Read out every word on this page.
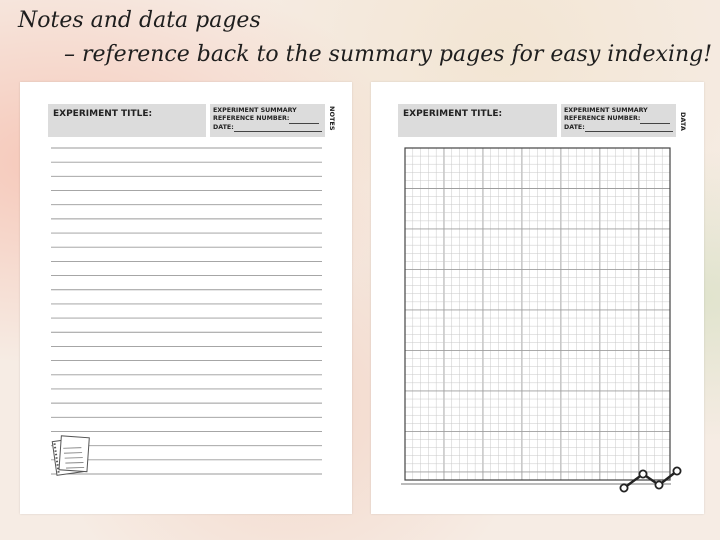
Notes and data pages
– reference back to the summary pages for easy indexing!
EXPERIMENT TITLE:	EXPERIMENT SUMMARY
REFERENCE NUMBER:
DATE:	NOTES	EXPERIMENT TITLE:	EXPERIMENT SUMMARY
REFERENCE NUMBER:
DATE:	DATA
